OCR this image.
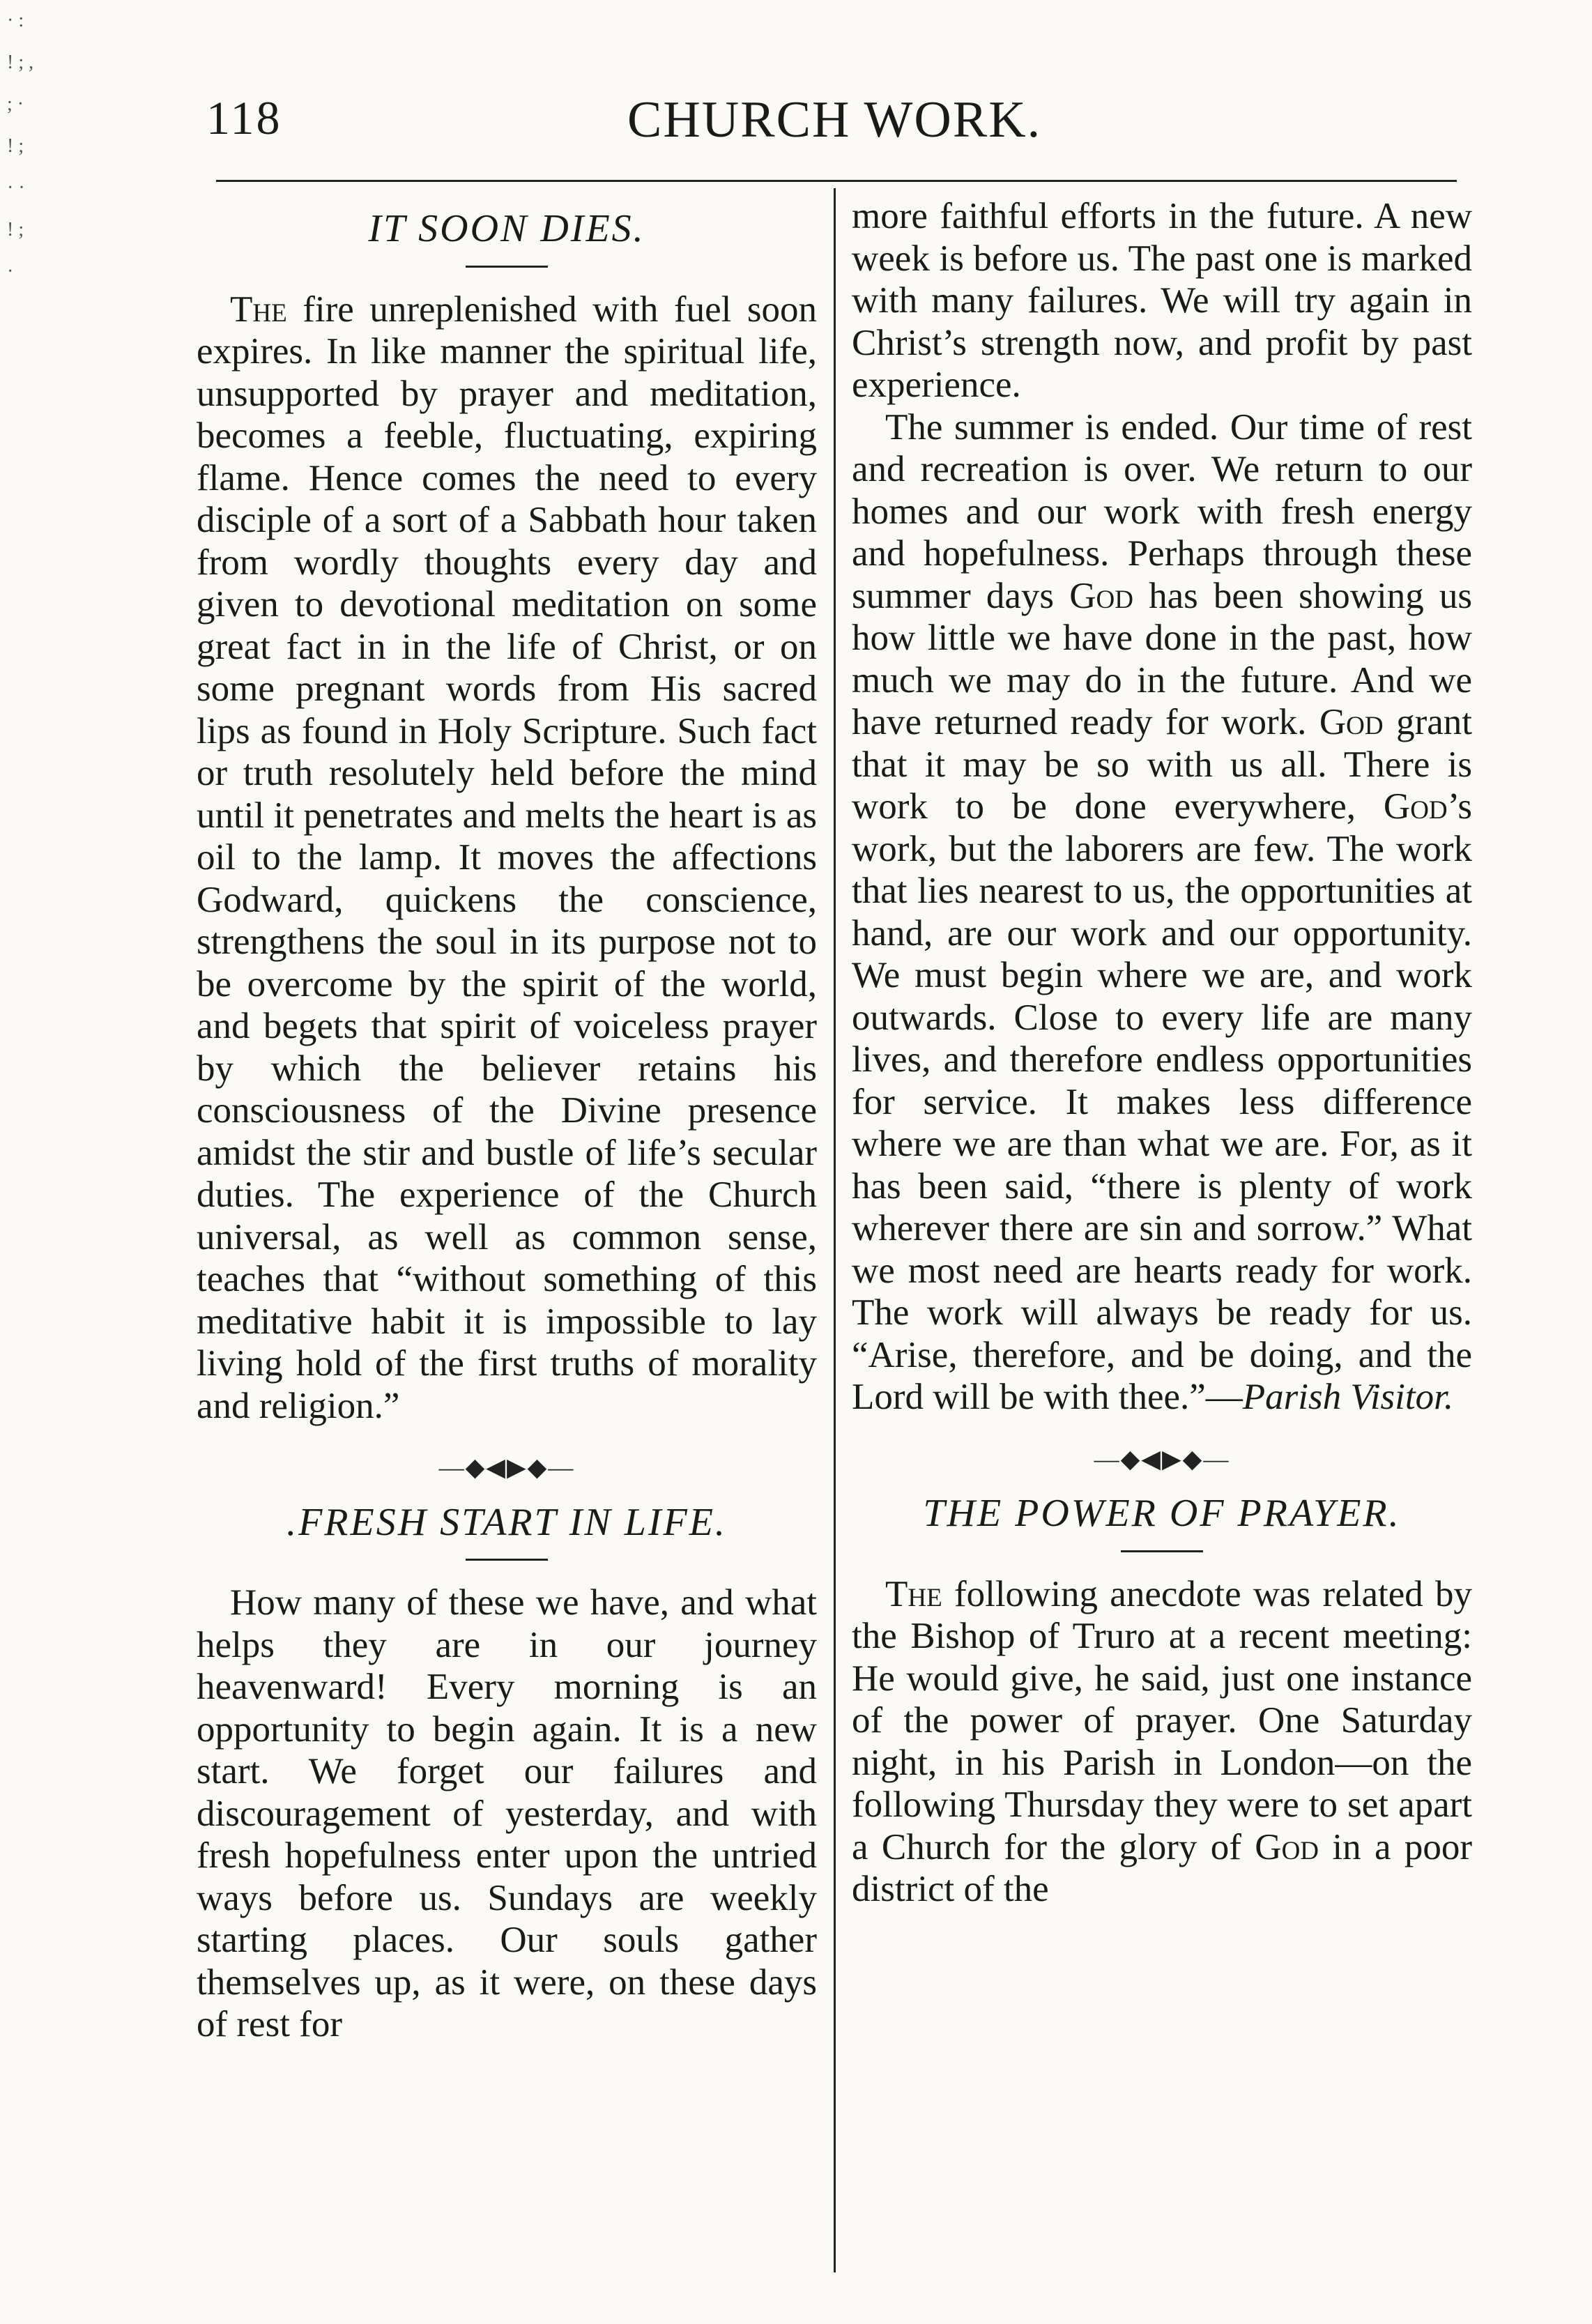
· : ! ; , ; · ! ; · · ! ; ·
118	CHURCH WORK.
IT SOON DIES.

The fire unreplenished with fuel soon expires. In like manner the spiritual life, unsupported by prayer and meditation, becomes a feeble, fluctuating, expiring flame. Hence comes the need to every disciple of a sort of a Sabbath hour taken from wordly thoughts every day and given to devotional meditation on some great fact in in the life of Christ, or on some pregnant words from His sacred lips as found in Holy Scripture. Such fact or truth resolutely held before the mind until it penetrates and melts the heart is as oil to the lamp. It moves the affections Godward, quickens the conscience, strengthens the soul in its purpose not to be overcome by the spirit of the world, and begets that spirit of voiceless prayеr by which the believer retains his consciousness of the Divine presence amidst the stir and bustle of life’s secular duties. The experience of the Church universal, as well as common sense, teaches that “without something of this meditative habit it is impossible to lay living hold of the first truths of morality and religion.”

—◆◀▶◆—
.FRESH START IN LIFE.

How many of these we have, and what helps they are in our journey heavenward! Every morning is an opportunity to begin again. It is a new start. We forget our failures and discouragement of yesterday, and with fresh hopefulness enter upon the untried ways before us. Sundays are weekly starting places. Our souls gather themselves up, as it were, on these days of rest for

more faithful efforts in the future. A new week is before us. The past one is marked with many failures. We will try again in Christ’s strength now, and profit by past experience.

The summer is ended. Our time of rest and recreation is over. We return to our homes and our work with fresh energy and hopefulness. Perhaps through these summer days God has been showing us how little we have done in the past, how much we may do in the future. And we have returned ready for work. God grant that it may be so with us all. There is work to be done everywhere, God’s work, but the laborers are few. The work that lies nearest to us, the opportunities at hand, are our work and our opportunity. We must begin where we are, and work outwards. Close to every life are many lives, and therefore endless opportunities for service. It makes less difference where we are than what we are. For, as it has been said, “there is plenty of work wherever there are sin and sorrow.” What we most need are hearts ready for work. The work will always be ready for us. “Arise, therefore, and be doing, and the Lord will be with thee.”—Parish Visitor.

—◆◀▶◆—
THE POWER OF PRAYER.

The following anecdote was related by the Bishop of Truro at a recent meeting: He would give, he said, just one instance of the power of prayer. One Saturday night, in his Parish in London—on the following Thursday they were to set apart a Church for the glory of God in a poor district of the
